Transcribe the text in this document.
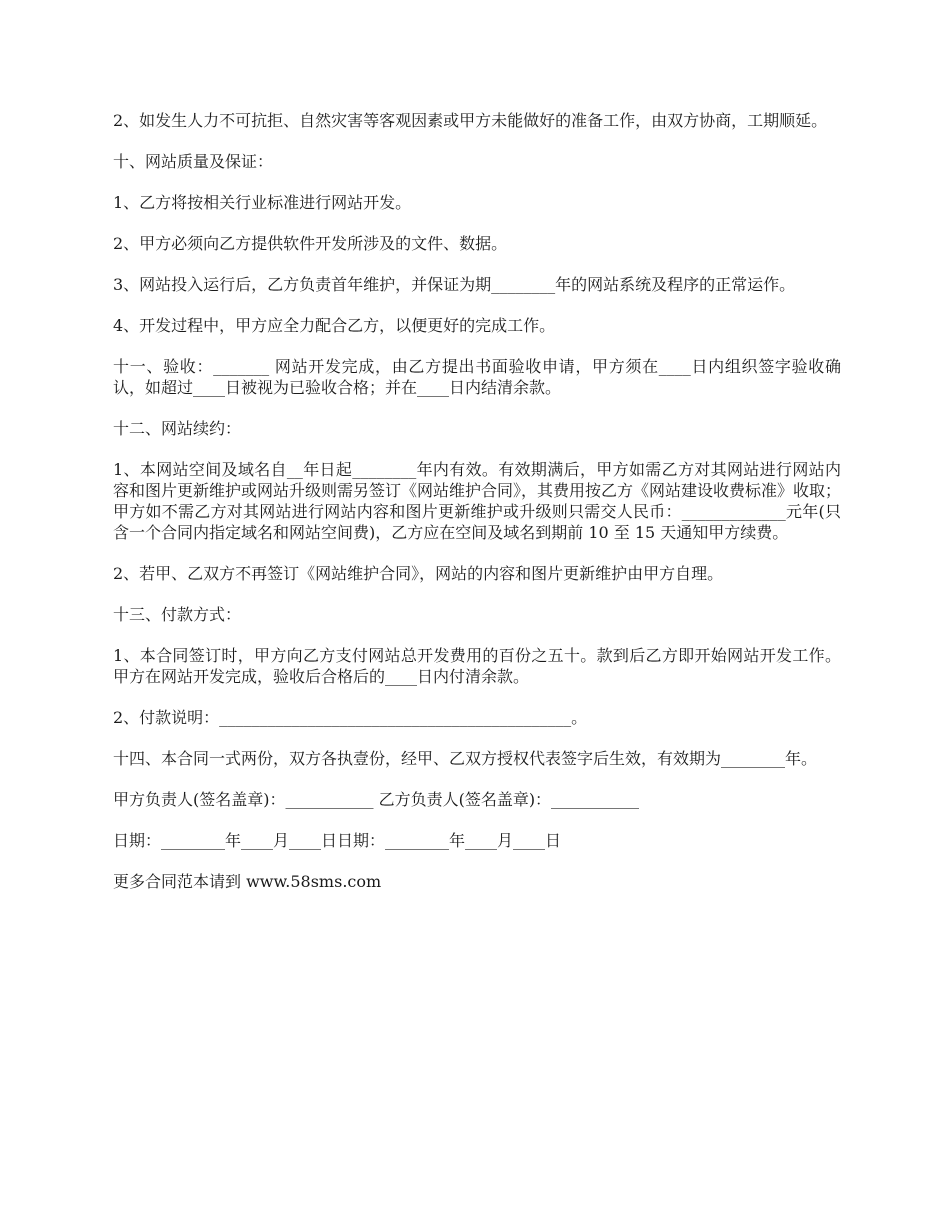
2、如发生人力不可抗拒、自然灾害等客观因素或甲方未能做好的准备工作，由双方协商，工期顺延。

十、网站质量及保证：

1、乙方将按相关行业标准进行网站开发。

2、甲方必须向乙方提供软件开发所涉及的文件、数据。

3、网站投入运行后，乙方负责首年维护，并保证为期________年的网站系统及程序的正常运作。

4、开发过程中，甲方应全力配合乙方，以便更好的完成工作。

十一、验收：_______ 网站开发完成，由乙方提出书面验收申请，甲方须在____日内组织签字验收确认，如超过____日被视为已验收合格；并在____日内结清余款。

十二、网站续约：

1、本网站空间及域名自__年日起________年内有效。有效期满后，甲方如需乙方对其网站进行网站内容和图片更新维护或网站升级则需另签订《网站维护合同》，其费用按乙方《网站建设收费标准》收取；甲方如不需乙方对其网站进行网站内容和图片更新维护或升级则只需交人民币：_____________元年(只含一个合同内指定域名和网站空间费)，乙方应在空间及域名到期前 10 至 15 天通知甲方续费。

2、若甲、乙双方不再签订《网站维护合同》，网站的内容和图片更新维护由甲方自理。

十三、付款方式：

1、本合同签订时，甲方向乙方支付网站总开发费用的百份之五十。款到后乙方即开始网站开发工作。甲方在网站开发完成，验收后合格后的____日内付清余款。

2、付款说明：____________________________________________。

十四、本合同一式两份，双方各执壹份，经甲、乙双方授权代表签字后生效，有效期为________年。

甲方负责人(签名盖章)：___________ 乙方负责人(签名盖章)：___________

日期：________年____月____日日期：________年____月____日

更多合同范本请到 www.58sms.com
